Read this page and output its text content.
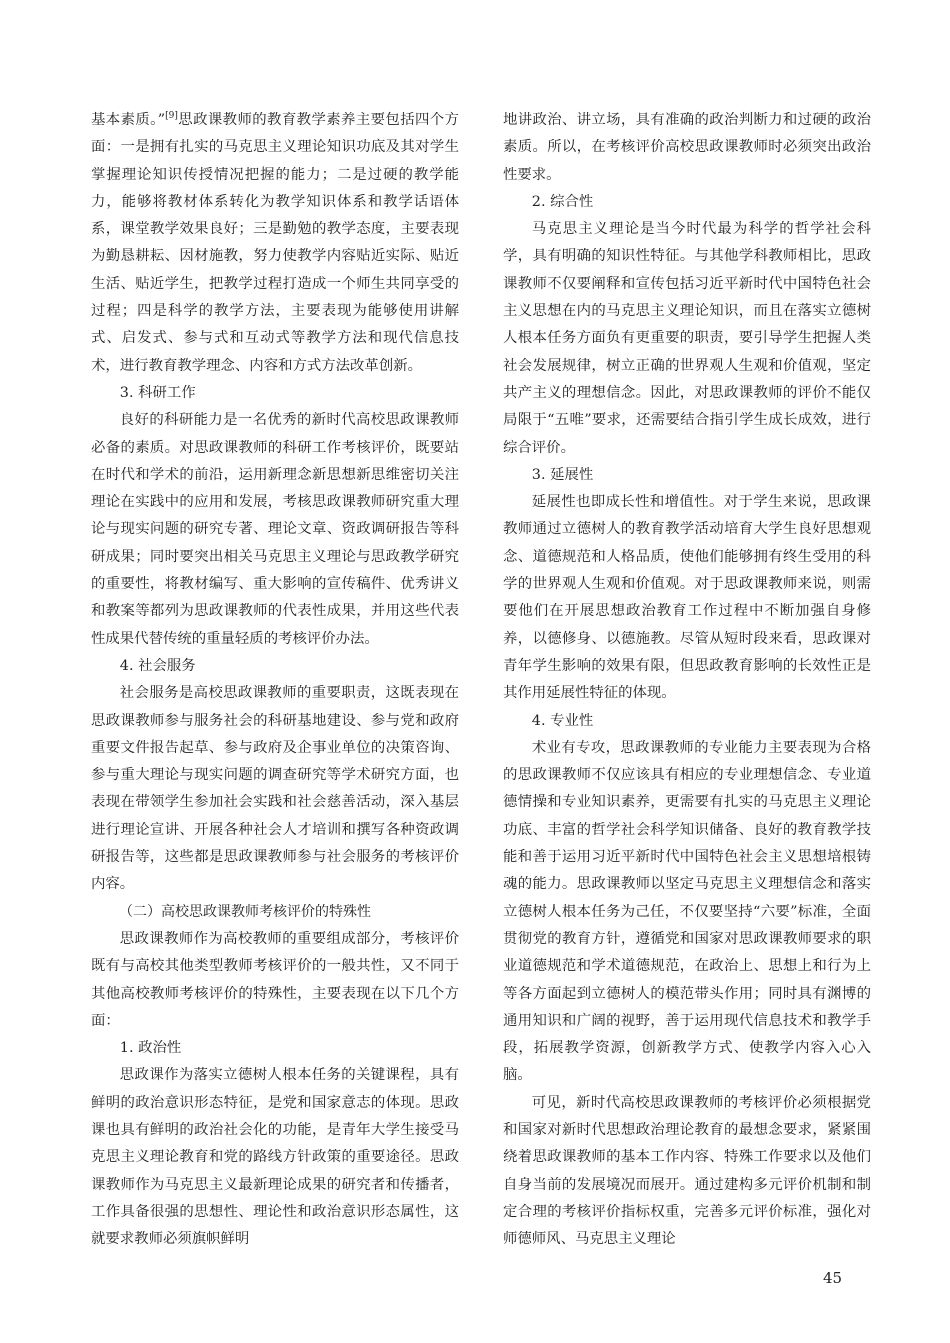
基本素质。”[9]思政课教师的教育教学素养主要包括四个方面：一是拥有扎实的马克思主义理论知识功底及其对学生掌握理论知识传授情况把握的能力；二是过硬的教学能力，能够将教材体系转化为教学知识体系和教学话语体系，课堂教学效果良好；三是勤勉的教学态度，主要表现为勤恳耕耘、因材施教，努力使教学内容贴近实际、贴近生活、贴近学生，把教学过程打造成一个师生共同享受的过程；四是科学的教学方法，主要表现为能够使用讲解式、启发式、参与式和互动式等教学方法和现代信息技术，进行教育教学理念、内容和方式方法改革创新。

3. 科研工作

良好的科研能力是一名优秀的新时代高校思政课教师必备的素质。对思政课教师的科研工作考核评价，既要站在时代和学术的前沿，运用新理念新思想新思维密切关注理论在实践中的应用和发展，考核思政课教师研究重大理论与现实问题的研究专著、理论文章、资政调研报告等科研成果；同时要突出相关马克思主义理论与思政教学研究的重要性，将教材编写、重大影响的宣传稿件、优秀讲义和教案等都列为思政课教师的代表性成果，并用这些代表性成果代替传统的重量轻质的考核评价办法。

4. 社会服务

社会服务是高校思政课教师的重要职责，这既表现在思政课教师参与服务社会的科研基地建设、参与党和政府重要文件报告起草、参与政府及企事业单位的决策咨询、参与重大理论与现实问题的调查研究等学术研究方面，也表现在带领学生参加社会实践和社会慈善活动，深入基层进行理论宣讲、开展各种社会人才培训和撰写各种资政调研报告等，这些都是思政课教师参与社会服务的考核评价内容。

（二）高校思政课教师考核评价的特殊性

思政课教师作为高校教师的重要组成部分，考核评价既有与高校其他类型教师考核评价的一般共性，又不同于其他高校教师考核评价的特殊性，主要表现在以下几个方面：

1. 政治性

思政课作为落实立德树人根本任务的关键课程，具有鲜明的政治意识形态特征，是党和国家意志的体现。思政课也具有鲜明的政治社会化的功能，是青年大学生接受马克思主义理论教育和党的路线方针政策的重要途径。思政课教师作为马克思主义最新理论成果的研究者和传播者，工作具备很强的思想性、理论性和政治意识形态属性，这就要求教师必须旗帜鲜明

地讲政治、讲立场，具有准确的政治判断力和过硬的政治素质。所以，在考核评价高校思政课教师时必须突出政治性要求。

2. 综合性

马克思主义理论是当今时代最为科学的哲学社会科学，具有明确的知识性特征。与其他学科教师相比，思政课教师不仅要阐释和宣传包括习近平新时代中国特色社会主义思想在内的马克思主义理论知识，而且在落实立德树人根本任务方面负有更重要的职责，要引导学生把握人类社会发展规律，树立正确的世界观人生观和价值观，坚定共产主义的理想信念。因此，对思政课教师的评价不能仅局限于“五唯”要求，还需要结合指引学生成长成效，进行综合评价。

3. 延展性

延展性也即成长性和增值性。对于学生来说，思政课教师通过立德树人的教育教学活动培育大学生良好思想观念、道德规范和人格品质，使他们能够拥有终生受用的科学的世界观人生观和价值观。对于思政课教师来说，则需要他们在开展思想政治教育工作过程中不断加强自身修养，以德修身、以德施教。尽管从短时段来看，思政课对青年学生影响的效果有限，但思政教育影响的长效性正是其作用延展性特征的体现。

4. 专业性

术业有专攻，思政课教师的专业能力主要表现为合格的思政课教师不仅应该具有相应的专业理想信念、专业道德情操和专业知识素养，更需要有扎实的马克思主义理论功底、丰富的哲学社会科学知识储备、良好的教育教学技能和善于运用习近平新时代中国特色社会主义思想培根铸魂的能力。思政课教师以坚定马克思主义理想信念和落实立德树人根本任务为己任，不仅要坚持“六要”标准，全面贯彻党的教育方针，遵循党和国家对思政课教师要求的职业道德规范和学术道德规范，在政治上、思想上和行为上等各方面起到立德树人的模范带头作用；同时具有渊博的通用知识和广阔的视野，善于运用现代信息技术和教学手段，拓展教学资源，创新教学方式、使教学内容入心入脑。

可见，新时代高校思政课教师的考核评价必须根据党和国家对新时代思想政治理论教育的最想念要求，紧紧围绕着思政课教师的基本工作内容、特殊工作要求以及他们自身当前的发展境况而展开。通过建构多元评价机制和制定合理的考核评价指标权重，完善多元评价标准，强化对师德师风、马克思主义理论

45
